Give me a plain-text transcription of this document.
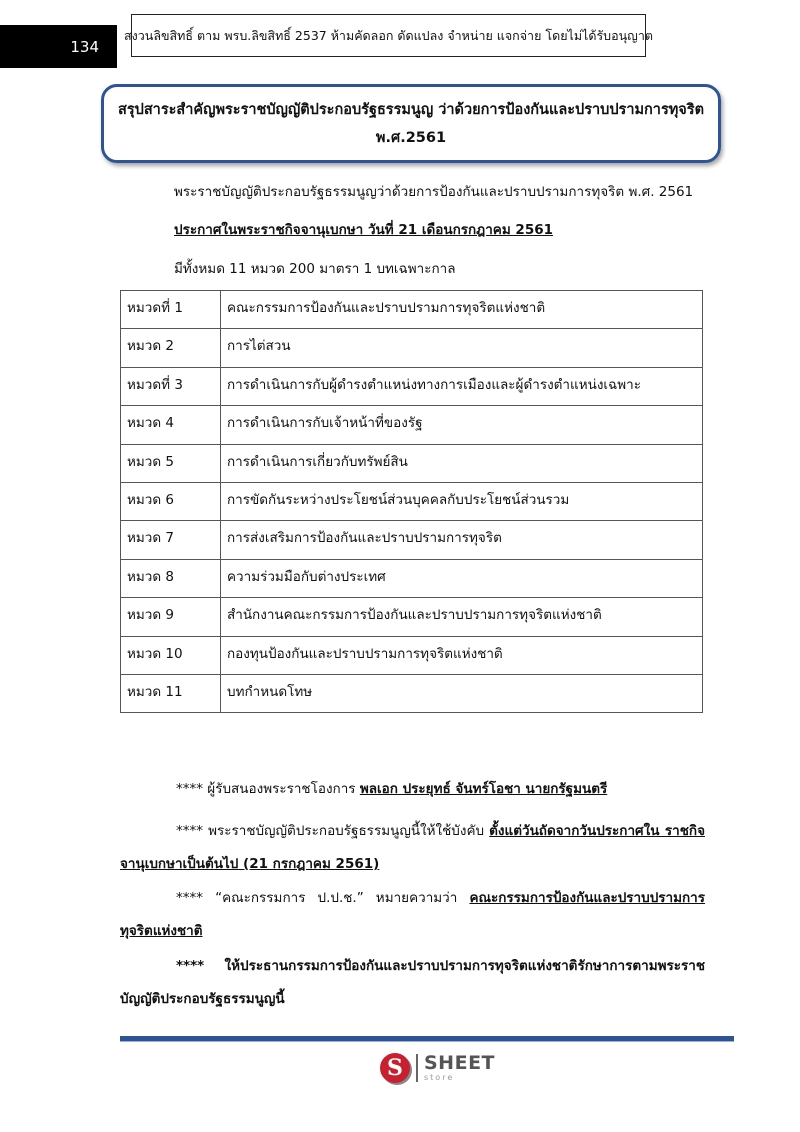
134
สงวนลิขสิทธิ์ ตาม พรบ.ลิขสิทธิ์ 2537 ห้ามคัดลอก ดัดแปลง จำหน่าย แจกจ่าย โดยไม่ได้รับอนุญาต
สรุปสาระสำคัญพระราชบัญญัติประกอบรัฐธรรมนูญ ว่าด้วยการป้องกันและปราบปรามการทุจริต
พ.ศ.2561
พระราชบัญญัติประกอบรัฐธรรมนูญว่าด้วยการป้องกันและปราบปรามการทุจริต พ.ศ. 2561
ประกาศในพระราชกิจจานุเบกษา วันที่ 21 เดือนกรกฎาคม 2561
มีทั้งหมด 11 หมวด 200 มาตรา 1 บทเฉพาะกาล
หมวดที่ 1	คณะกรรมการป้องกันและปราบปรามการทุจริตแห่งชาติ
หมวด 2	การไต่สวน
หมวดที่ 3	การดำเนินการกับผู้ดำรงตำแหน่งทางการเมืองและผู้ดำรงตำแหน่งเฉพาะ
หมวด 4	การดำเนินการกับเจ้าหน้าที่ของรัฐ
หมวด 5	การดำเนินการเกี่ยวกับทรัพย์สิน
หมวด 6	การขัดกันระหว่างประโยชน์ส่วนบุคคลกับประโยชน์ส่วนรวม
หมวด 7	การส่งเสริมการป้องกันและปราบปรามการทุจริต
หมวด 8	ความร่วมมือกับต่างประเทศ
หมวด 9	สำนักงานคณะกรรมการป้องกันและปราบปรามการทุจริตแห่งชาติ
หมวด 10	กองทุนป้องกันและปราบปรามการทุจริตแห่งชาติ
หมวด 11	บทกำหนดโทษ
**** ผู้รับสนองพระราชโองการ พลเอก ประยุทธ์ จันทร์โอชา นายกรัฐมนตรี
**** พระราชบัญญัติประกอบรัฐธรรมนูญนี้ให้ใช้บังคับ ตั้งแต่วันถัดจากวันประกาศใน ราชกิจจานุเบกษาเป็นต้นไป (21 กรกฎาคม 2561)
**** “คณะกรรมการ ป.ป.ช.” หมายความว่า คณะกรรมการป้องกันและปราบปรามการทุจริตแห่งชาติ
**** ให้ประธานกรรมการป้องกันและปราบปรามการทุจริตแห่งชาติรักษาการตามพระราชบัญญัติประกอบรัฐธรรมนูญนี้
S	SHEET
store
